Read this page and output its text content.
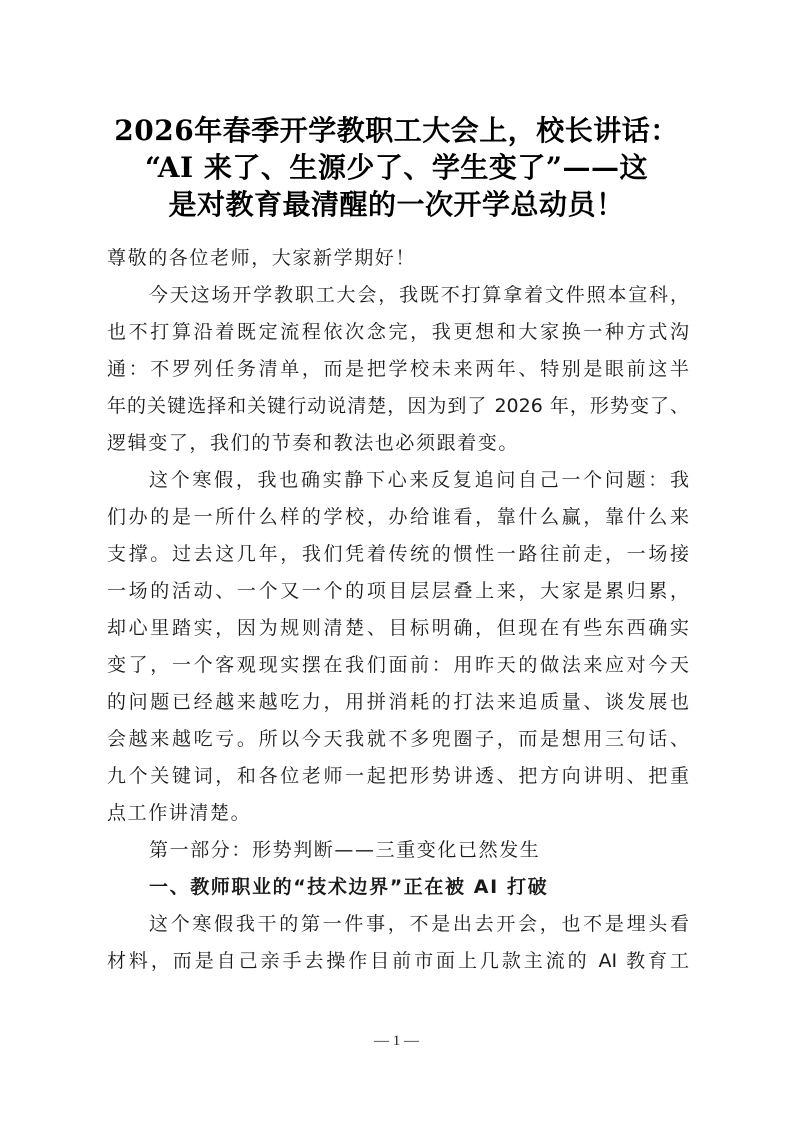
2026年春季开学教职工大会上，校长讲话：
“AI 来了、生源少了、学生变了”——这
是对教育最清醒的一次开学总动员！
尊敬的各位老师，大家新学期好！
今天这场开学教职工大会，我既不打算拿着文件照本宣科，
也不打算沿着既定流程依次念完，我更想和大家换一种方式沟
通：不罗列任务清单，而是把学校未来两年、特别是眼前这半
年的关键选择和关键行动说清楚，因为到了 2026 年，形势变了、
逻辑变了，我们的节奏和教法也必须跟着变。
这个寒假，我也确实静下心来反复追问自己一个问题：我
们办的是一所什么样的学校，办给谁看，靠什么赢，靠什么来
支撑。过去这几年，我们凭着传统的惯性一路往前走，一场接
一场的活动、一个又一个的项目层层叠上来，大家是累归累，
却心里踏实，因为规则清楚、目标明确，但现在有些东西确实
变了，一个客观现实摆在我们面前：用昨天的做法来应对今天
的问题已经越来越吃力，用拼消耗的打法来追质量、谈发展也
会越来越吃亏。所以今天我就不多兜圈子，而是想用三句话、
九个关键词，和各位老师一起把形势讲透、把方向讲明、把重
点工作讲清楚。
第一部分：形势判断——三重变化已然发生
一、教师职业的“技术边界”正在被 AI 打破
这个寒假我干的第一件事，不是出去开会，也不是埋头看
材料，而是自己亲手去操作目前市面上几款主流的 AI 教育工
— 1 —
